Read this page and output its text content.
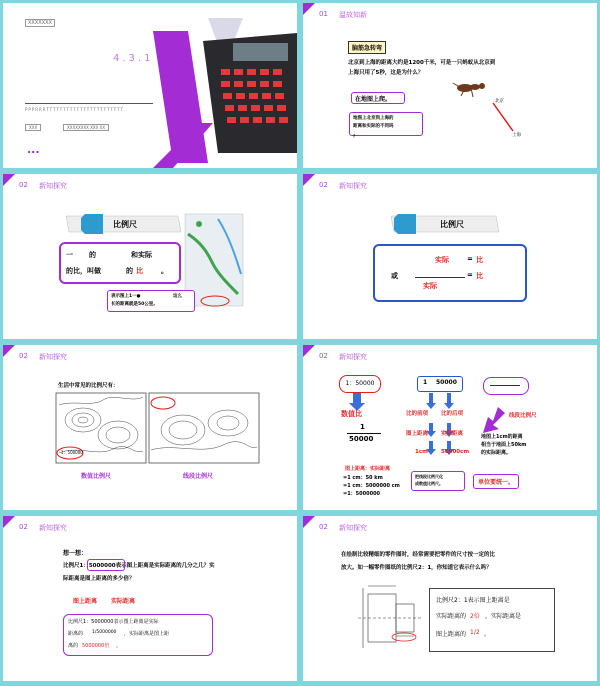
XXXXXXX
4.3.1
PPPRRRTTTTTTTTTTTTTTTTTTTTTTT
XXX	XXXXXXXX XXX XX
...
01 温故知新
脑筋急转弯
北京到上海的距离大约是1200千米，可是一只蚂蚁从北京到
上海只用了5秒，这是为什么？
在地图上爬。
地图上北京到上海的
距离和实际的不同吗
？
北京
上海
02 新知探究
比例尺
一 的	和实际
的比，叫做	的 比	。
表示图上1一●	这么
长的距离就是50公里。
02 新知探究
比例尺
实际	= 比
或	= 比
实际
02 新知探究
生活中常见的比例尺有：
1：500000
数值比例尺	线段比例尺
02 新知探究
1：50000	1 50000
数值比
1
50000
比的前项 比的后项
图上距离 实际距离
1cm 50000cm
线段比例尺
地图上1cm的距离
相当于地面上50km
的实际距离。
图上距离：实际距离
=1 cm：50 km
=1 cm：5000000 cm
=1：5000000
把线段比例尺化
成数值比例尺。	单位要统一。
02 新知探究
想一想：
比例尺1：5000000表示图上距离是实际距离的几分之几？实
际距离是图上距离的多少倍？
图上距离 实际距离
比例尺1：5000000表示图上距离是实际
距离的 1/5000000 ，实际距离是图上距
离的 5000000倍 。
02 新知探究
在绘制比较精细的零件图时，经常需要把零件的尺寸按一定的比
放大。如一幅零件图纸的比例尺2：1，你知道它表示什么吗？
比例尺2：1表示图上距离是
实际距离的 2倍 ，实际距离是
图上距离的 1/2 。
